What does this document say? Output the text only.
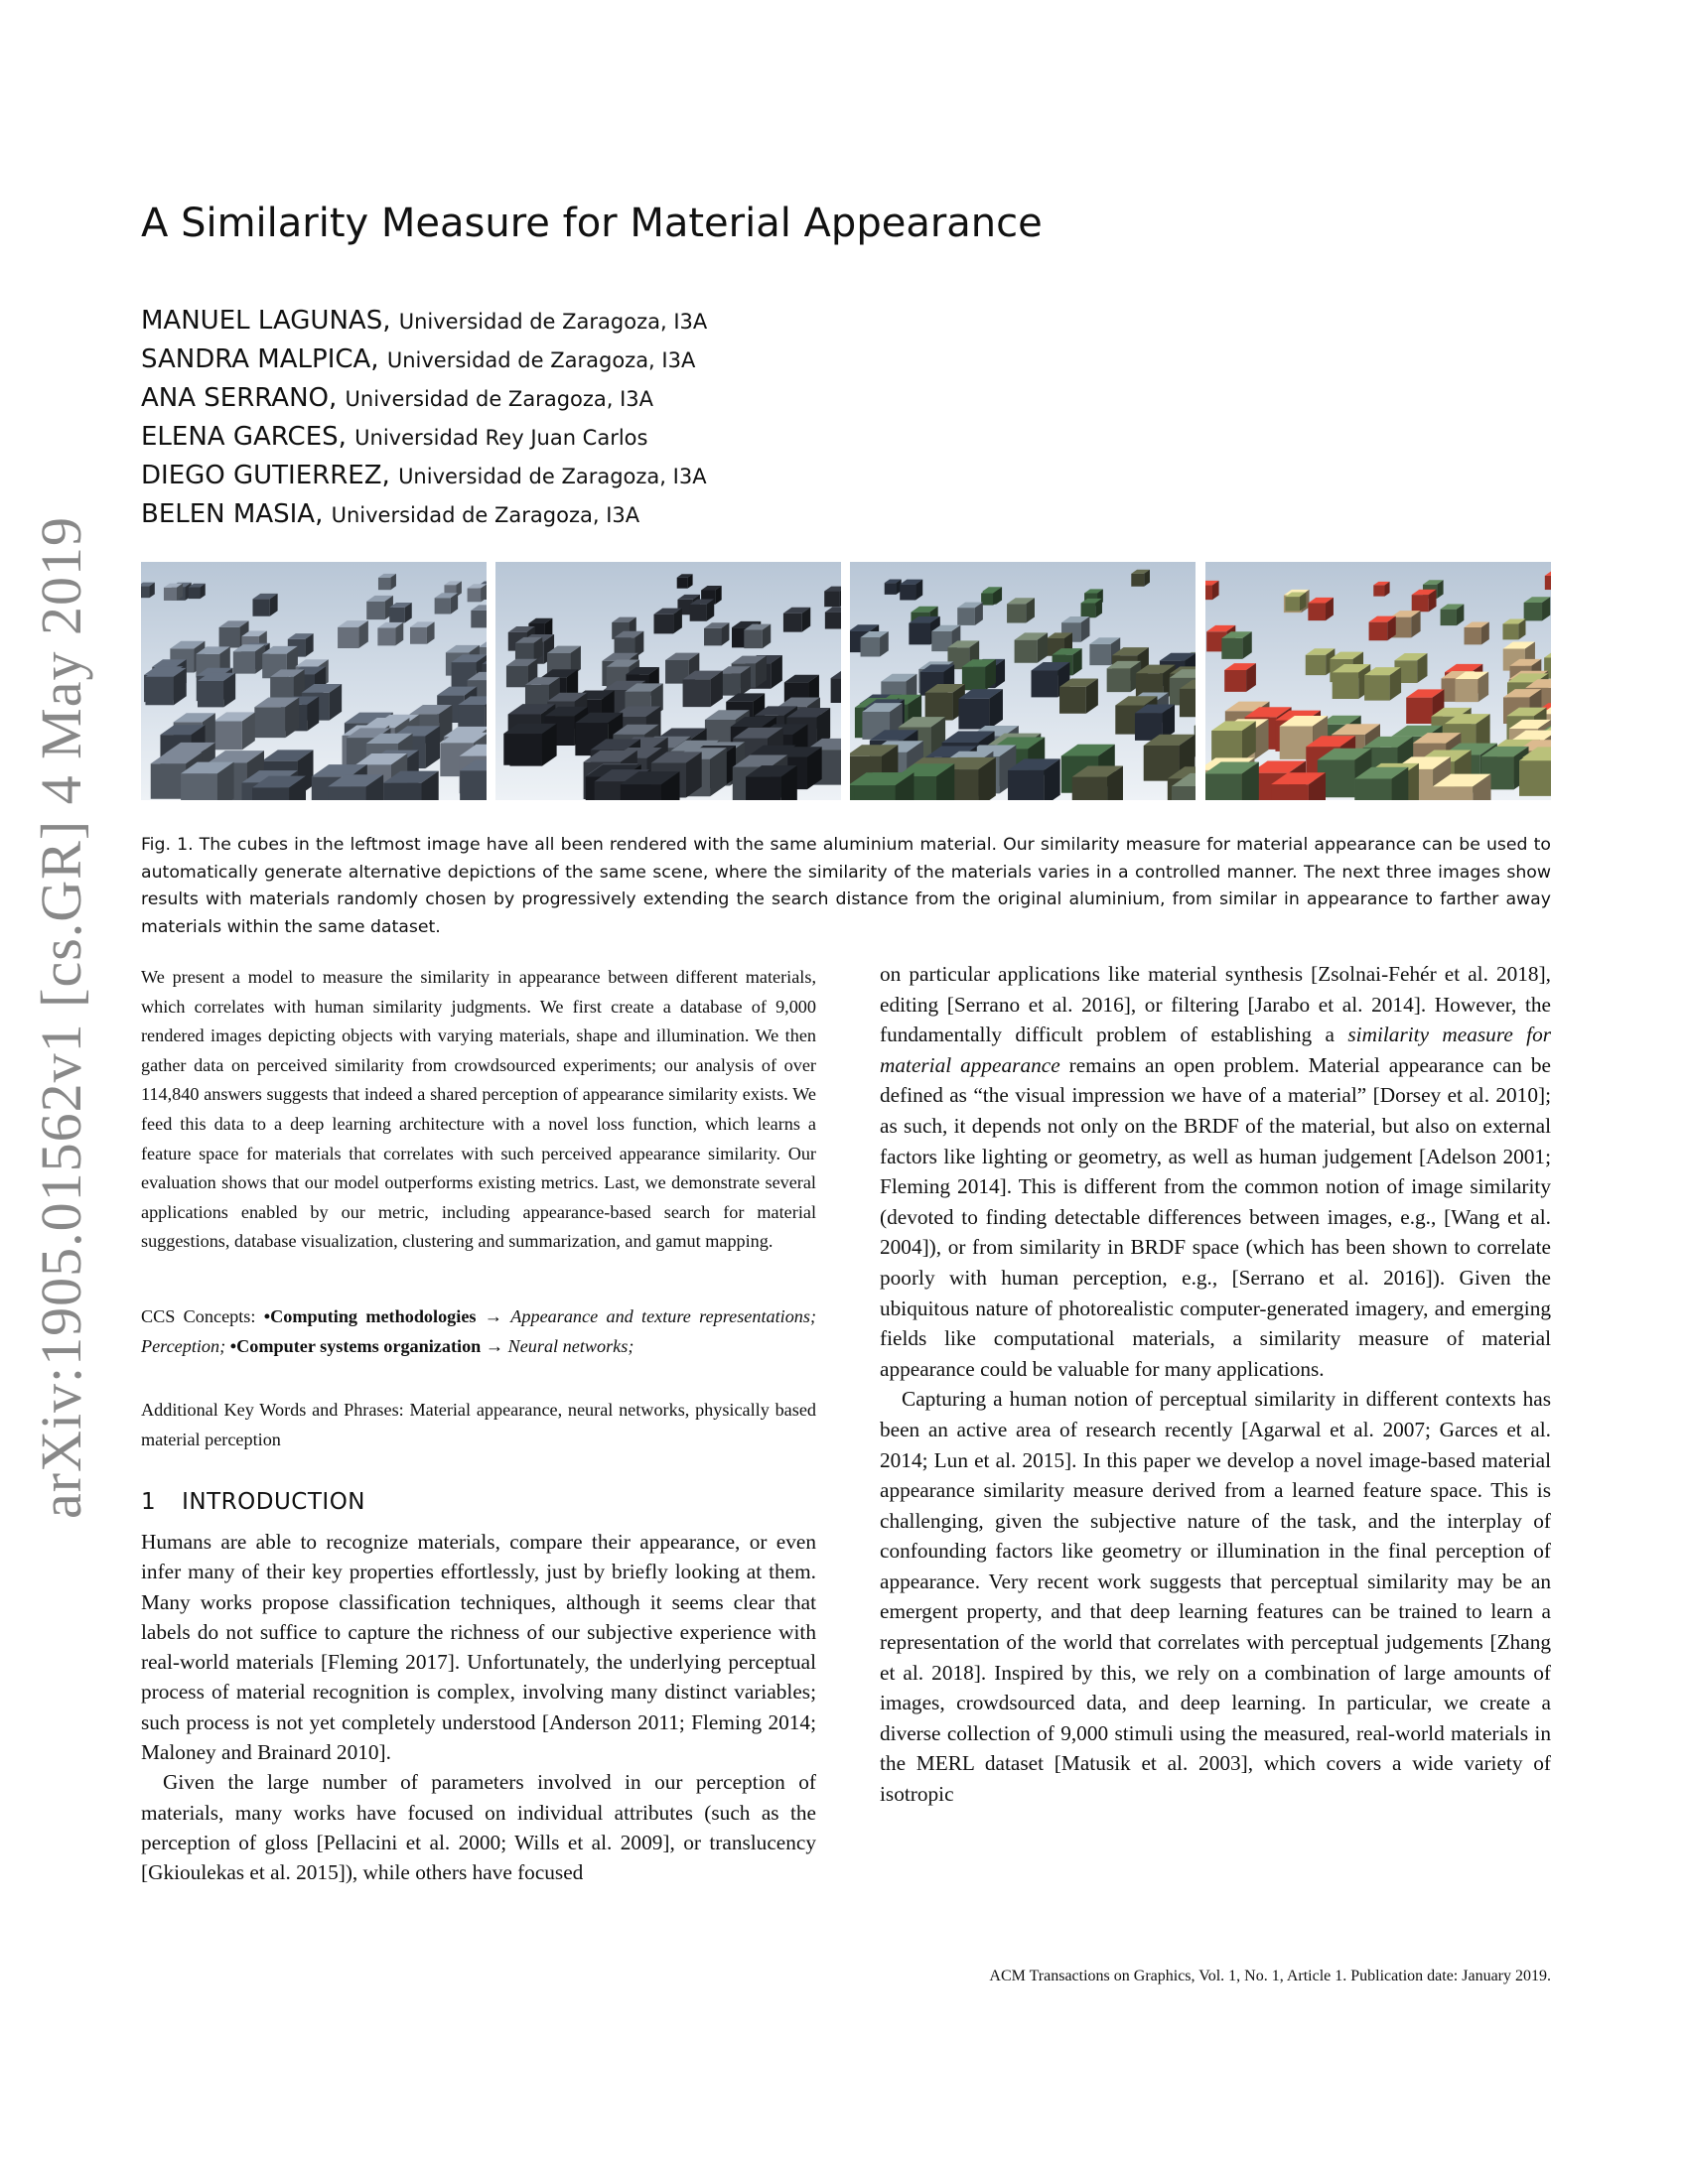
arXiv:1905.01562v1 [cs.GR] 4 May 2019
A Similarity Measure for Material Appearance
MANUEL LAGUNAS, Universidad de Zaragoza, I3A
SANDRA MALPICA, Universidad de Zaragoza, I3A
ANA SERRANO, Universidad de Zaragoza, I3A
ELENA GARCES, Universidad Rey Juan Carlos
DIEGO GUTIERREZ, Universidad de Zaragoza, I3A
BELEN MASIA, Universidad de Zaragoza, I3A
Fig. 1. The cubes in the leftmost image have all been rendered with the same aluminium material. Our similarity measure for material appearance can be used to automatically generate alternative depictions of the same scene, where the similarity of the materials varies in a controlled manner. The next three images show results with materials randomly chosen by progressively extending the search distance from the original aluminium, from similar in appearance to farther away materials within the same dataset.

We present a model to measure the similarity in appearance between different materials, which correlates with human similarity judgments. We first create a database of 9,000 rendered images depicting objects with varying materials, shape and illumination. We then gather data on perceived similarity from crowdsourced experiments; our analysis of over 114,840 answers suggests that indeed a shared perception of appearance similarity exists. We feed this data to a deep learning architecture with a novel loss function, which learns a feature space for materials that correlates with such perceived appearance similarity. Our evaluation shows that our model outperforms existing metrics. Last, we demonstrate several applications enabled by our metric, including appearance-based search for material suggestions, database visualization, clustering and summarization, and gamut mapping.

CCS Concepts: •Computing methodologies → Appearance and texture representations; Perception; •Computer systems organization → Neural networks;

Additional Key Words and Phrases: Material appearance, neural networks, physically based material perception

1 INTRODUCTION

Humans are able to recognize materials, compare their appearance, or even infer many of their key properties effortlessly, just by briefly looking at them. Many works propose classification techniques, although it seems clear that labels do not suffice to capture the richness of our subjective experience with real-world materials [Fleming 2017]. Unfortunately, the underlying perceptual process of material recognition is complex, involving many distinct variables; such process is not yet completely understood [Anderson 2011; Fleming 2014; Maloney and Brainard 2010].

Given the large number of parameters involved in our perception of materials, many works have focused on individual attributes (such as the perception of gloss [Pellacini et al. 2000; Wills et al. 2009], or translucency [Gkioulekas et al. 2015]), while others have focused

on particular applications like material synthesis [Zsolnai-Fehér et al. 2018], editing [Serrano et al. 2016], or filtering [Jarabo et al. 2014]. However, the fundamentally difficult problem of establishing a similarity measure for material appearance remains an open problem. Material appearance can be defined as “the visual impression we have of a material” [Dorsey et al. 2010]; as such, it depends not only on the BRDF of the material, but also on external factors like lighting or geometry, as well as human judgement [Adelson 2001; Fleming 2014]. This is different from the common notion of image similarity (devoted to finding detectable differences between images, e.g., [Wang et al. 2004]), or from similarity in BRDF space (which has been shown to correlate poorly with human perception, e.g., [Serrano et al. 2016]). Given the ubiquitous nature of photorealistic computer-generated imagery, and emerging fields like computational materials, a similarity measure of material appearance could be valuable for many applications.

Capturing a human notion of perceptual similarity in different contexts has been an active area of research recently [Agarwal et al. 2007; Garces et al. 2014; Lun et al. 2015]. In this paper we develop a novel image-based material appearance similarity measure derived from a learned feature space. This is challenging, given the subjective nature of the task, and the interplay of confounding factors like geometry or illumination in the final perception of appearance. Very recent work suggests that perceptual similarity may be an emergent property, and that deep learning features can be trained to learn a representation of the world that correlates with perceptual judgements [Zhang et al. 2018]. Inspired by this, we rely on a combination of large amounts of images, crowdsourced data, and deep learning. In particular, we create a diverse collection of 9,000 stimuli using the measured, real-world materials in the MERL dataset [Matusik et al. 2003], which covers a wide variety of isotropic

ACM Transactions on Graphics, Vol. 1, No. 1, Article 1. Publication date: January 2019.
